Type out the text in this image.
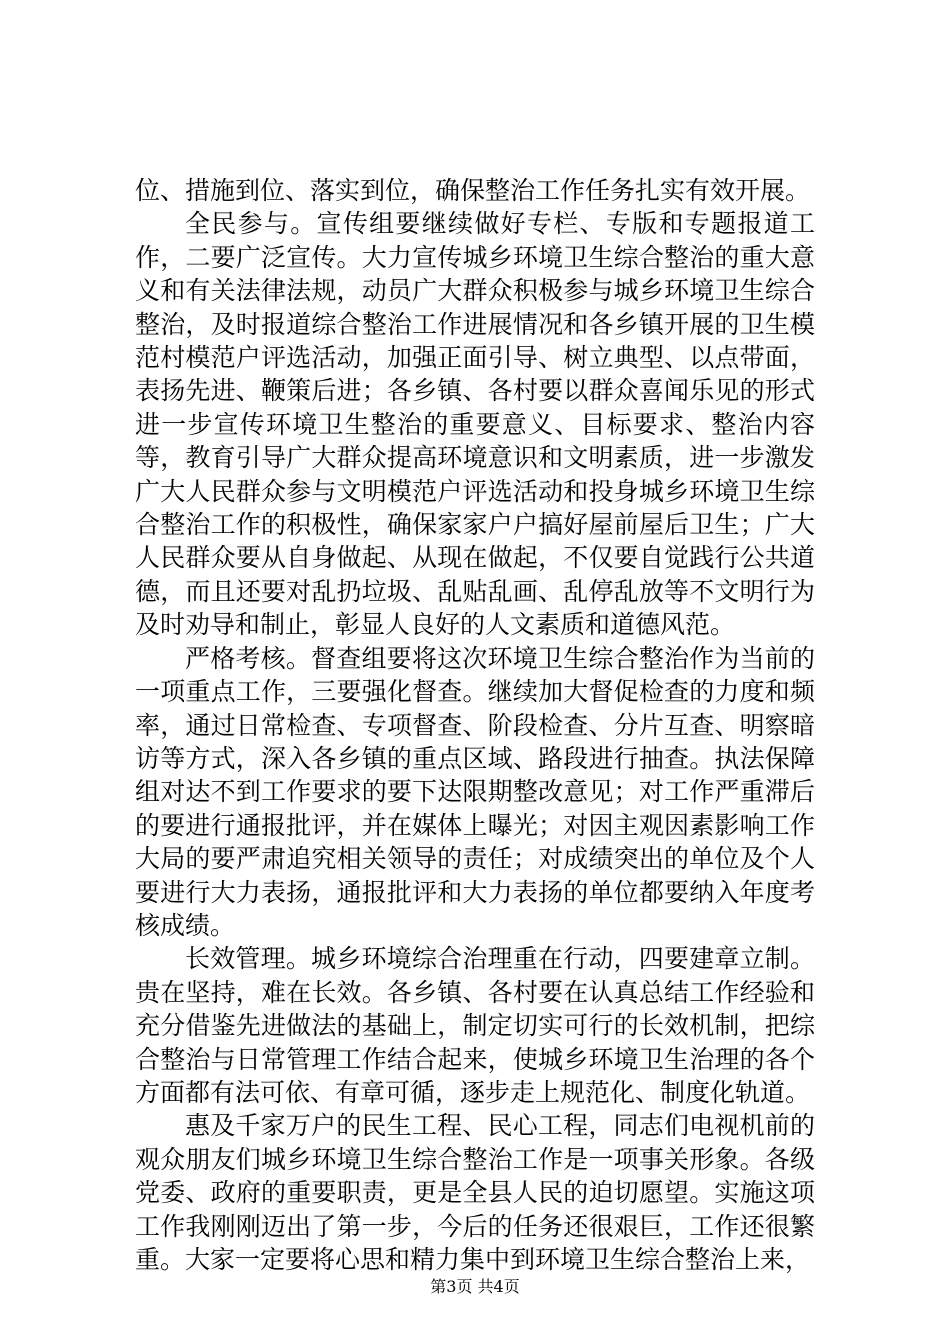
位、措施到位、落实到位，确保整治工作任务扎实有效开展。

全民参与。宣传组要继续做好专栏、专版和专题报道工作，二要广泛宣传。大力宣传城乡环境卫生综合整治的重大意义和有关法律法规，动员广大群众积极参与城乡环境卫生综合整治，及时报道综合整治工作进展情况和各乡镇开展的卫生模范村模范户评选活动，加强正面引导、树立典型、以点带面，表扬先进、鞭策后进；各乡镇、各村要以群众喜闻乐见的形式进一步宣传环境卫生整治的重要意义、目标要求、整治内容等，教育引导广大群众提高环境意识和文明素质，进一步激发广大人民群众参与文明模范户评选活动和投身城乡环境卫生综合整治工作的积极性，确保家家户户搞好屋前屋后卫生；广大人民群众要从自身做起、从现在做起，不仅要自觉践行公共道德，而且还要对乱扔垃圾、乱贴乱画、乱停乱放等不文明行为及时劝导和制止，彰显人良好的人文素质和道德风范。

严格考核。督查组要将这次环境卫生综合整治作为当前的一项重点工作，三要强化督查。继续加大督促检查的力度和频率，通过日常检查、专项督查、阶段检查、分片互查、明察暗访等方式，深入各乡镇的重点区域、路段进行抽查。执法保障组对达不到工作要求的要下达限期整改意见；对工作严重滞后的要进行通报批评，并在媒体上曝光；对因主观因素影响工作大局的要严肃追究相关领导的责任；对成绩突出的单位及个人要进行大力表扬，通报批评和大力表扬的单位都要纳入年度考核成绩。

长效管理。城乡环境综合治理重在行动，四要建章立制。贵在坚持，难在长效。各乡镇、各村要在认真总结工作经验和充分借鉴先进做法的基础上，制定切实可行的长效机制，把综合整治与日常管理工作结合起来，使城乡环境卫生治理的各个方面都有法可依、有章可循，逐步走上规范化、制度化轨道。

惠及千家万户的民生工程、民心工程，同志们电视机前的观众朋友们城乡环境卫生综合整治工作是一项事关形象。各级党委、政府的重要职责，更是全县人民的迫切愿望。实施这项工作我刚刚迈出了第一步，今后的任务还很艰巨，工作还很繁重。大家一定要将心思和精力集中到环境卫生综合整治上来，

第3页 共4页
